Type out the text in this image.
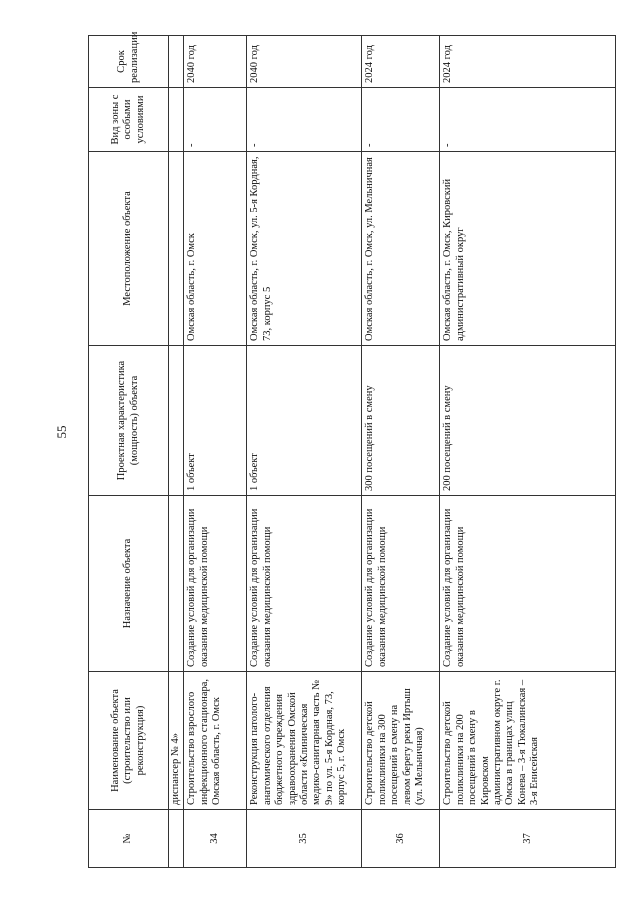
55
№	Наименование объекта (строительство или реконструкция)	Назначение объекта	Проектная характеристика (мощность) объекта	Местоположение объекта	Вид зоны с особыми условиями	Срок реализации
	диспансер № 4»					
34	Строительство взрослого инфекционного стационара, Омская область, г. Омск	Создание условий для организации оказания медицинской помощи	1 объект	Омская область, г. Омск	-	2040 год
35	Реконструкция патолого-анатомического отделения бюджетного учреждения здравоохранения Омской области «Клиническая медико-санитарная часть № 9» по ул. 5-я Кордная, 73, корпус 5, г. Омск	Создание условий для организации оказания медицинской помощи	1 объект	Омская область, г. Омск, ул. 5-я Кордная, 73, корпус 5	-	2040 год
36	Строительство детской поликлиники на 300 посещений в смену на левом берегу реки Иртыш (ул. Мельничная)	Создание условий для организации оказания медицинской помощи	300 посещений в смену	Омская область, г. Омск, ул. Мельничная	-	2024 год
37	Строительство детской поликлиники на 200 посещений в смену в Кировском административном округе г. Омска в границах улиц Конева – 3-я Тюкалинская – 3-я Енисейская	Создание условий для организации оказания медицинской помощи	200 посещений в смену	Омская область, г. Омск, Кировский административный округ	-	2024 год
